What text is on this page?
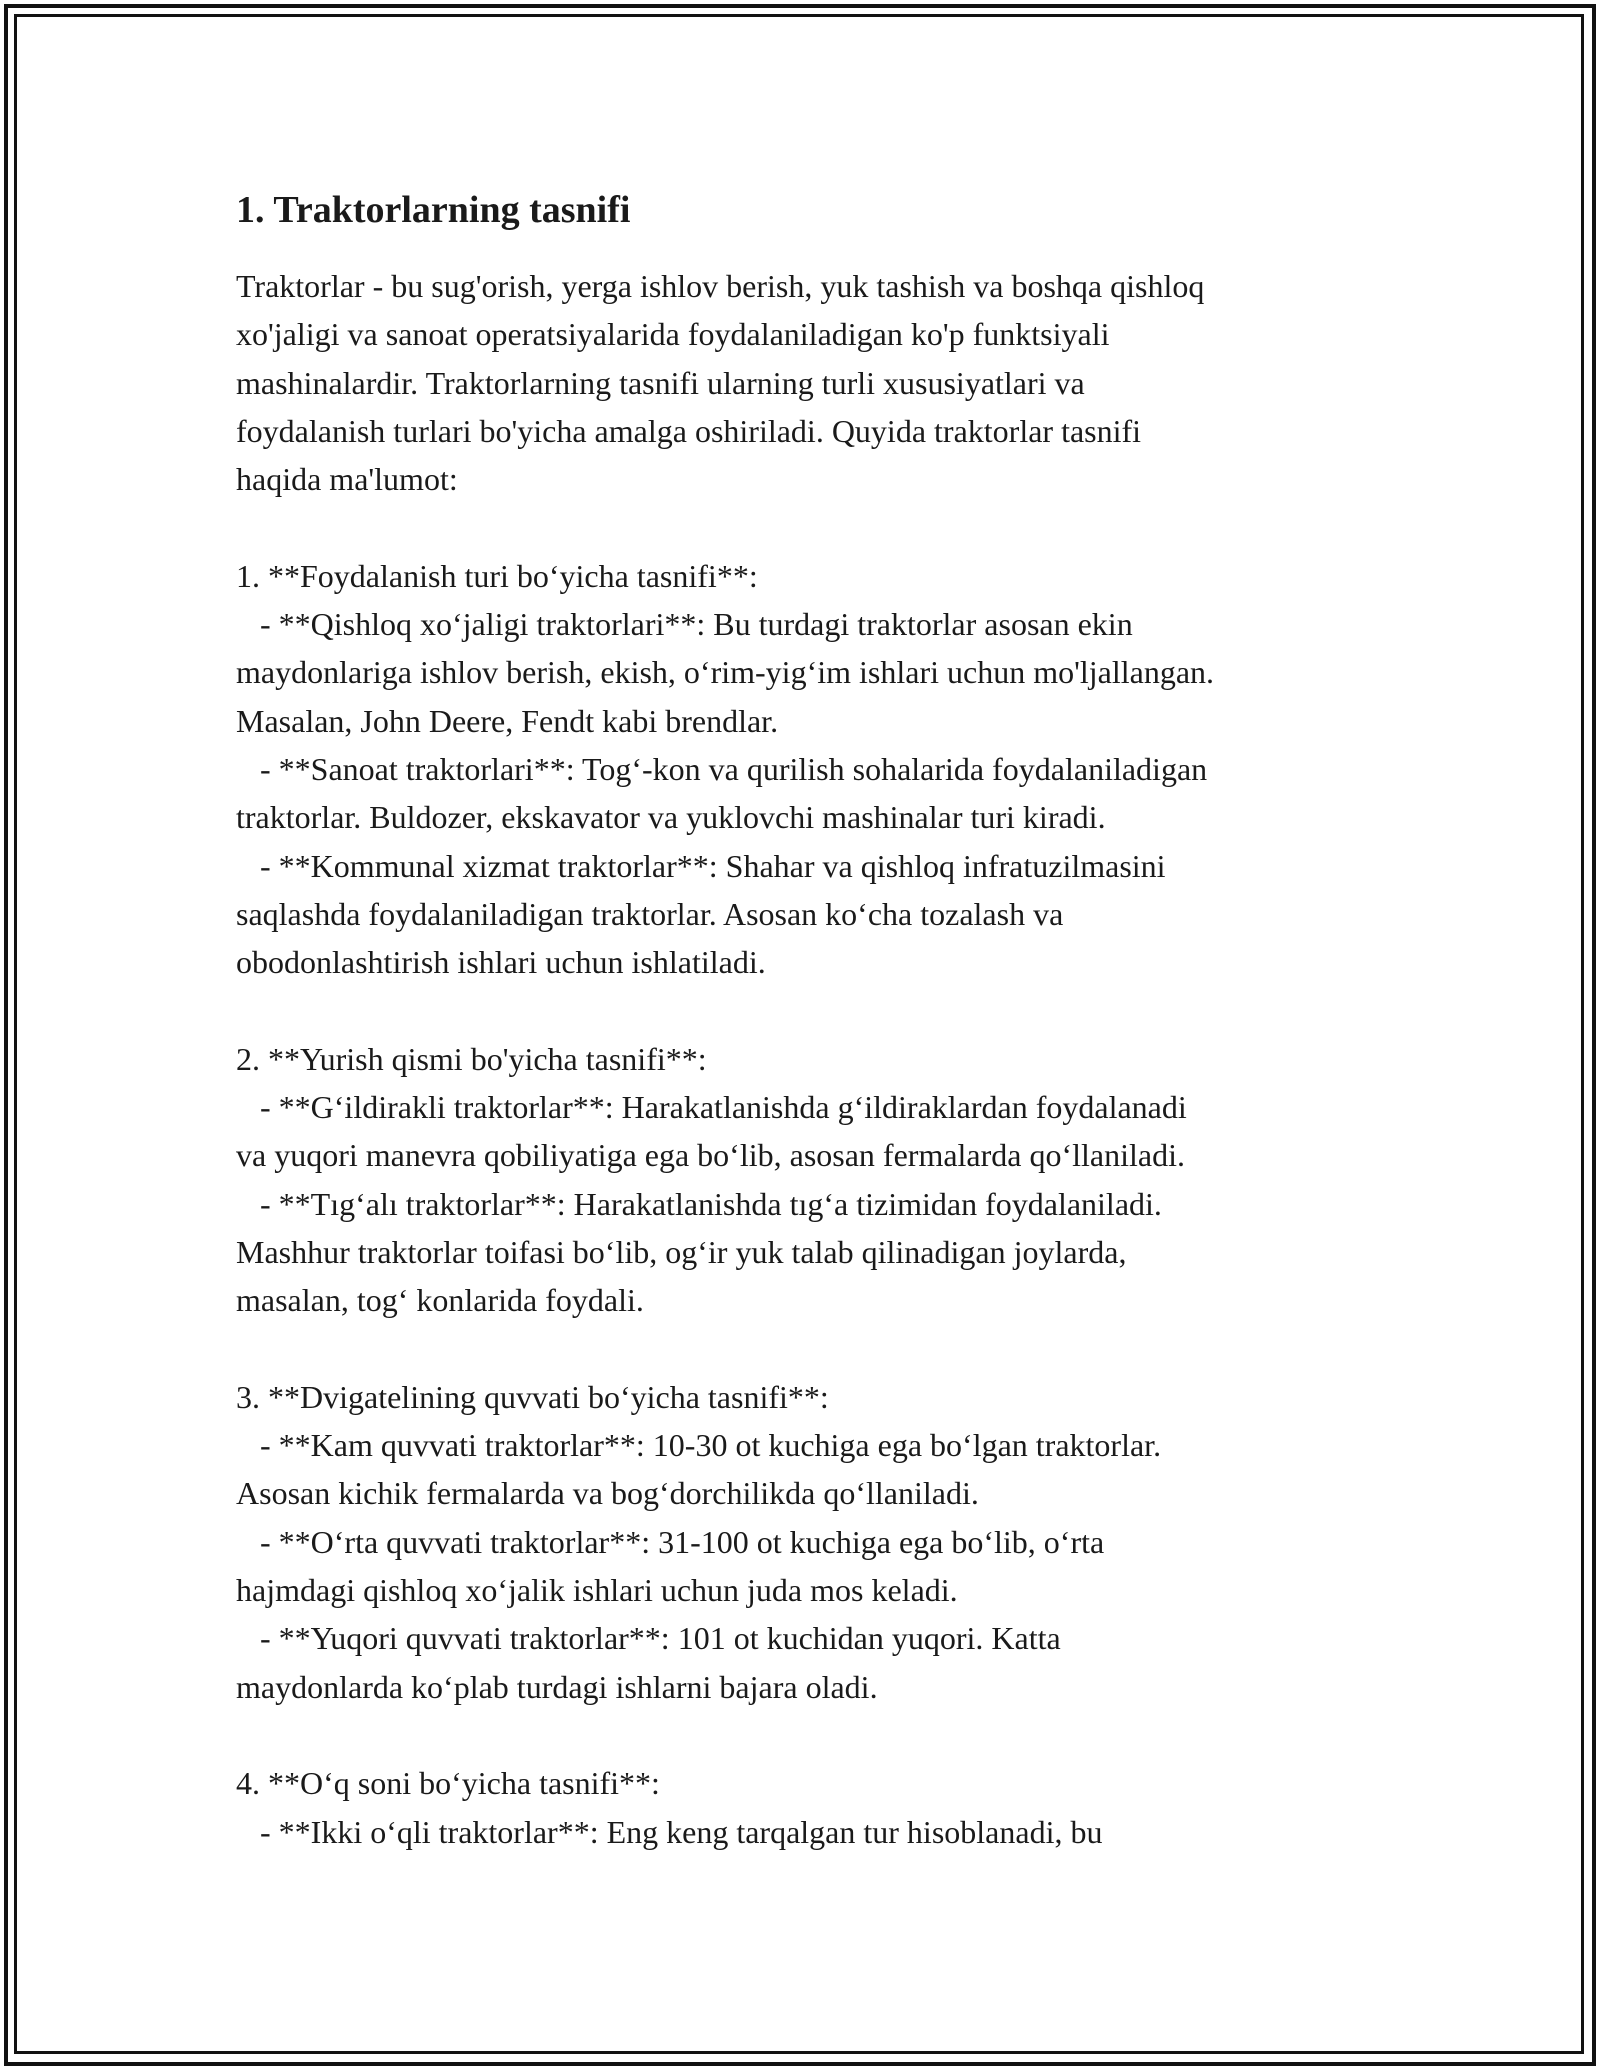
1. Traktorlarning tasnifi
Traktorlar - bu sug'orish, yerga ishlov berish, yuk tashish va boshqa qishloq
xo'jaligi va sanoat operatsiyalarida foydalaniladigan ko'p funktsiyali
mashinalardir. Traktorlarning tasnifi ularning turli xususiyatlari va
foydalanish turlari bo'yicha amalga oshiriladi. Quyida traktorlar tasnifi
haqida ma'lumot:
1. **Foydalanish turi bo‘yicha tasnifi**:
- **Qishloq xo‘jaligi traktorlari**: Bu turdagi traktorlar asosan ekin
maydonlariga ishlov berish, ekish, o‘rim-yig‘im ishlari uchun mo'ljallangan.
Masalan, John Deere, Fendt kabi brendlar.
- **Sanoat traktorlari**: Tog‘-kon va qurilish sohalarida foydalaniladigan
traktorlar. Buldozer, ekskavator va yuklovchi mashinalar turi kiradi.
- **Kommunal xizmat traktorlar**: Shahar va qishloq infratuzilmasini
saqlashda foydalaniladigan traktorlar. Asosan ko‘cha tozalash va
obodonlashtirish ishlari uchun ishlatiladi.
2. **Yurish qismi bo'yicha tasnifi**:
- **G‘ildirakli traktorlar**: Harakatlanishda g‘ildiraklardan foydalanadi
va yuqori manevra qobiliyatiga ega bo‘lib, asosan fermalarda qo‘llaniladi.
- **Tıg‘alı traktorlar**: Harakatlanishda tıg‘a tizimidan foydalaniladi.
Mashhur traktorlar toifasi bo‘lib, og‘ir yuk talab qilinadigan joylarda,
masalan, tog‘ konlarida foydali.
3. **Dvigatelining quvvati bo‘yicha tasnifi**:
- **Kam quvvati traktorlar**: 10-30 ot kuchiga ega bo‘lgan traktorlar.
Asosan kichik fermalarda va bog‘dorchilikda qo‘llaniladi.
- **O‘rta quvvati traktorlar**: 31-100 ot kuchiga ega bo‘lib, o‘rta
hajmdagi qishloq xo‘jalik ishlari uchun juda mos keladi.
- **Yuqori quvvati traktorlar**: 101 ot kuchidan yuqori. Katta
maydonlarda ko‘plab turdagi ishlarni bajara oladi.
4. **O‘q soni bo‘yicha tasnifi**:
- **Ikki o‘qli traktorlar**: Eng keng tarqalgan tur hisoblanadi, bu
